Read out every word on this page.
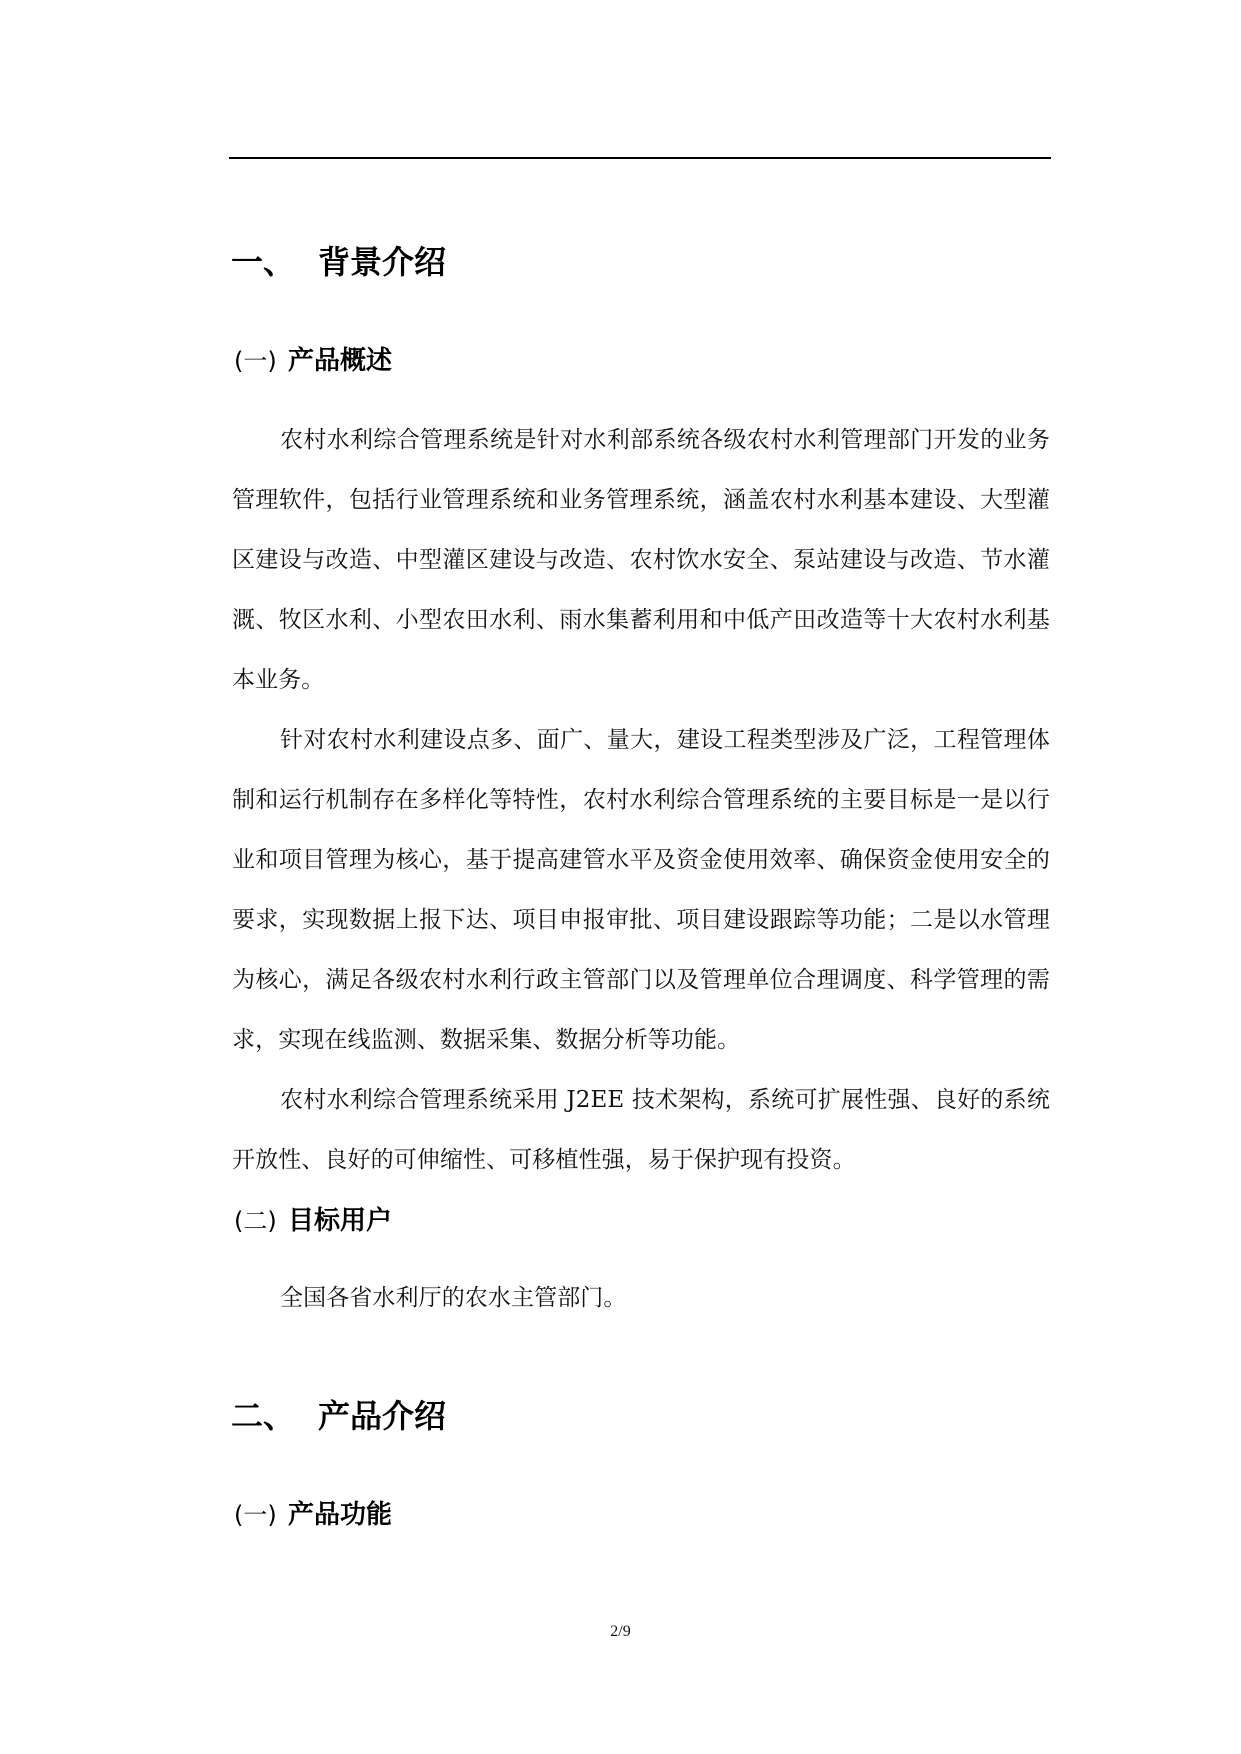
一、 背景介绍
(一) 产品概述

农村水利综合管理系统是针对水利部系统各级农村水利管理部门开发的业务管理软件，包括行业管理系统和业务管理系统，涵盖农村水利基本建设、大型灌区建设与改造、中型灌区建设与改造、农村饮水安全、泵站建设与改造、节水灌溉、牧区水利、小型农田水利、雨水集蓄利用和中低产田改造等十大农村水利基本业务。

针对农村水利建设点多、面广、量大，建设工程类型涉及广泛，工程管理体制和运行机制存在多样化等特性，农村水利综合管理系统的主要目标是一是以行业和项目管理为核心，基于提高建管水平及资金使用效率、确保资金使用安全的要求，实现数据上报下达、项目申报审批、项目建设跟踪等功能；二是以水管理为核心，满足各级农村水利行政主管部门以及管理单位合理调度、科学管理的需求，实现在线监测、数据采集、数据分析等功能。

农村水利综合管理系统采用 J2EE 技术架构，系统可扩展性强、良好的系统开放性、良好的可伸缩性、可移植性强，易于保护现有投资。

(二) 目标用户

全国各省水利厅的农水主管部门。

二、 产品介绍
(一) 产品功能
2/9
